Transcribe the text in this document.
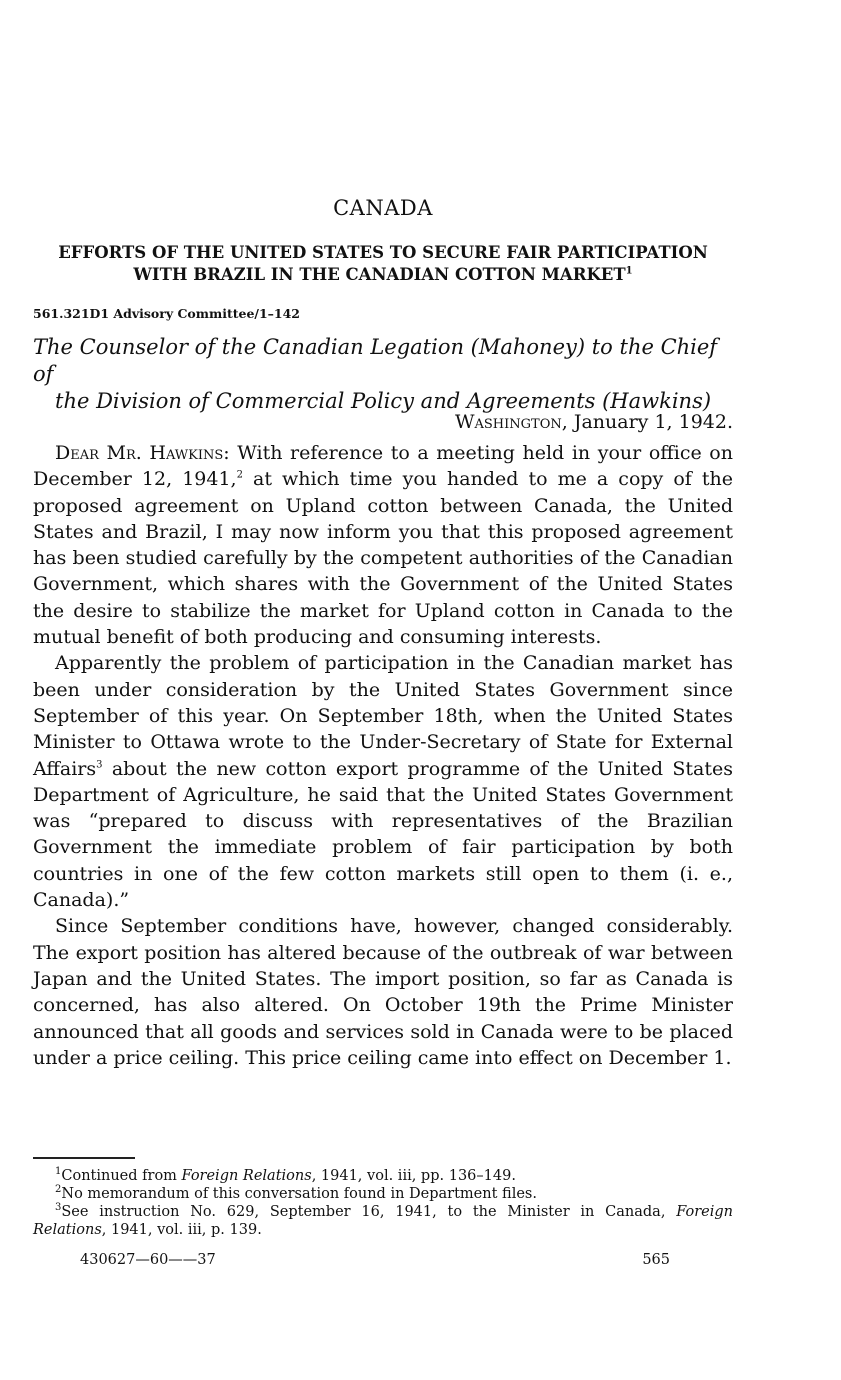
CANADA
EFFORTS OF THE UNITED STATES TO SECURE FAIR PARTICIPATION
WITH BRAZIL IN THE CANADIAN COTTON MARKET$^1$
561.321D1 Advisory Committee/1–142
The Counselor of the Canadian Legation (Mahoney) to the Chief of
the Division of Commercial Policy and Agreements (Hawkins)
Washington, January 1, 1942.

Dear Mr. Hawkins: With reference to a meeting held in your office on December 12, 1941,$^2$ at which time you handed to me a copy of the proposed agreement on Upland cotton between Canada, the United States and Brazil, I may now inform you that this proposed agreement has been studied carefully by the competent authorities of the Canadian Government, which shares with the Government of the United States the desire to stabilize the market for Upland cotton in Canada to the mutual benefit of both producing and consuming interests.

Apparently the problem of participation in the Canadian market has been under consideration by the United States Government since September of this year. On September 18th, when the United States Minister to Ottawa wrote to the Under-Secretary of State for External Affairs$^3$ about the new cotton export programme of the United States Department of Agriculture, he said that the United States Government was “prepared to discuss with representatives of the Brazilian Government the immediate problem of fair participation by both countries in one of the few cotton markets still open to them (i. e., Canada).”

Since September conditions have, however, changed considerably. The export position has altered because of the outbreak of war between Japan and the United States. The import position, so far as Canada is concerned, has also altered. On October 19th the Prime Minister announced that all goods and services sold in Canada were to be placed under a price ceiling. This price ceiling came into effect on December 1.

$^1$Continued from Foreign Relations, 1941, vol. iii, pp. 136–149.

$^2$No memorandum of this conversation found in Department files.

$^3$See instruction No. 629, September 16, 1941, to the Minister in Canada, Foreign Relations, 1941, vol. iii, p. 139.

430627—60——37	565
